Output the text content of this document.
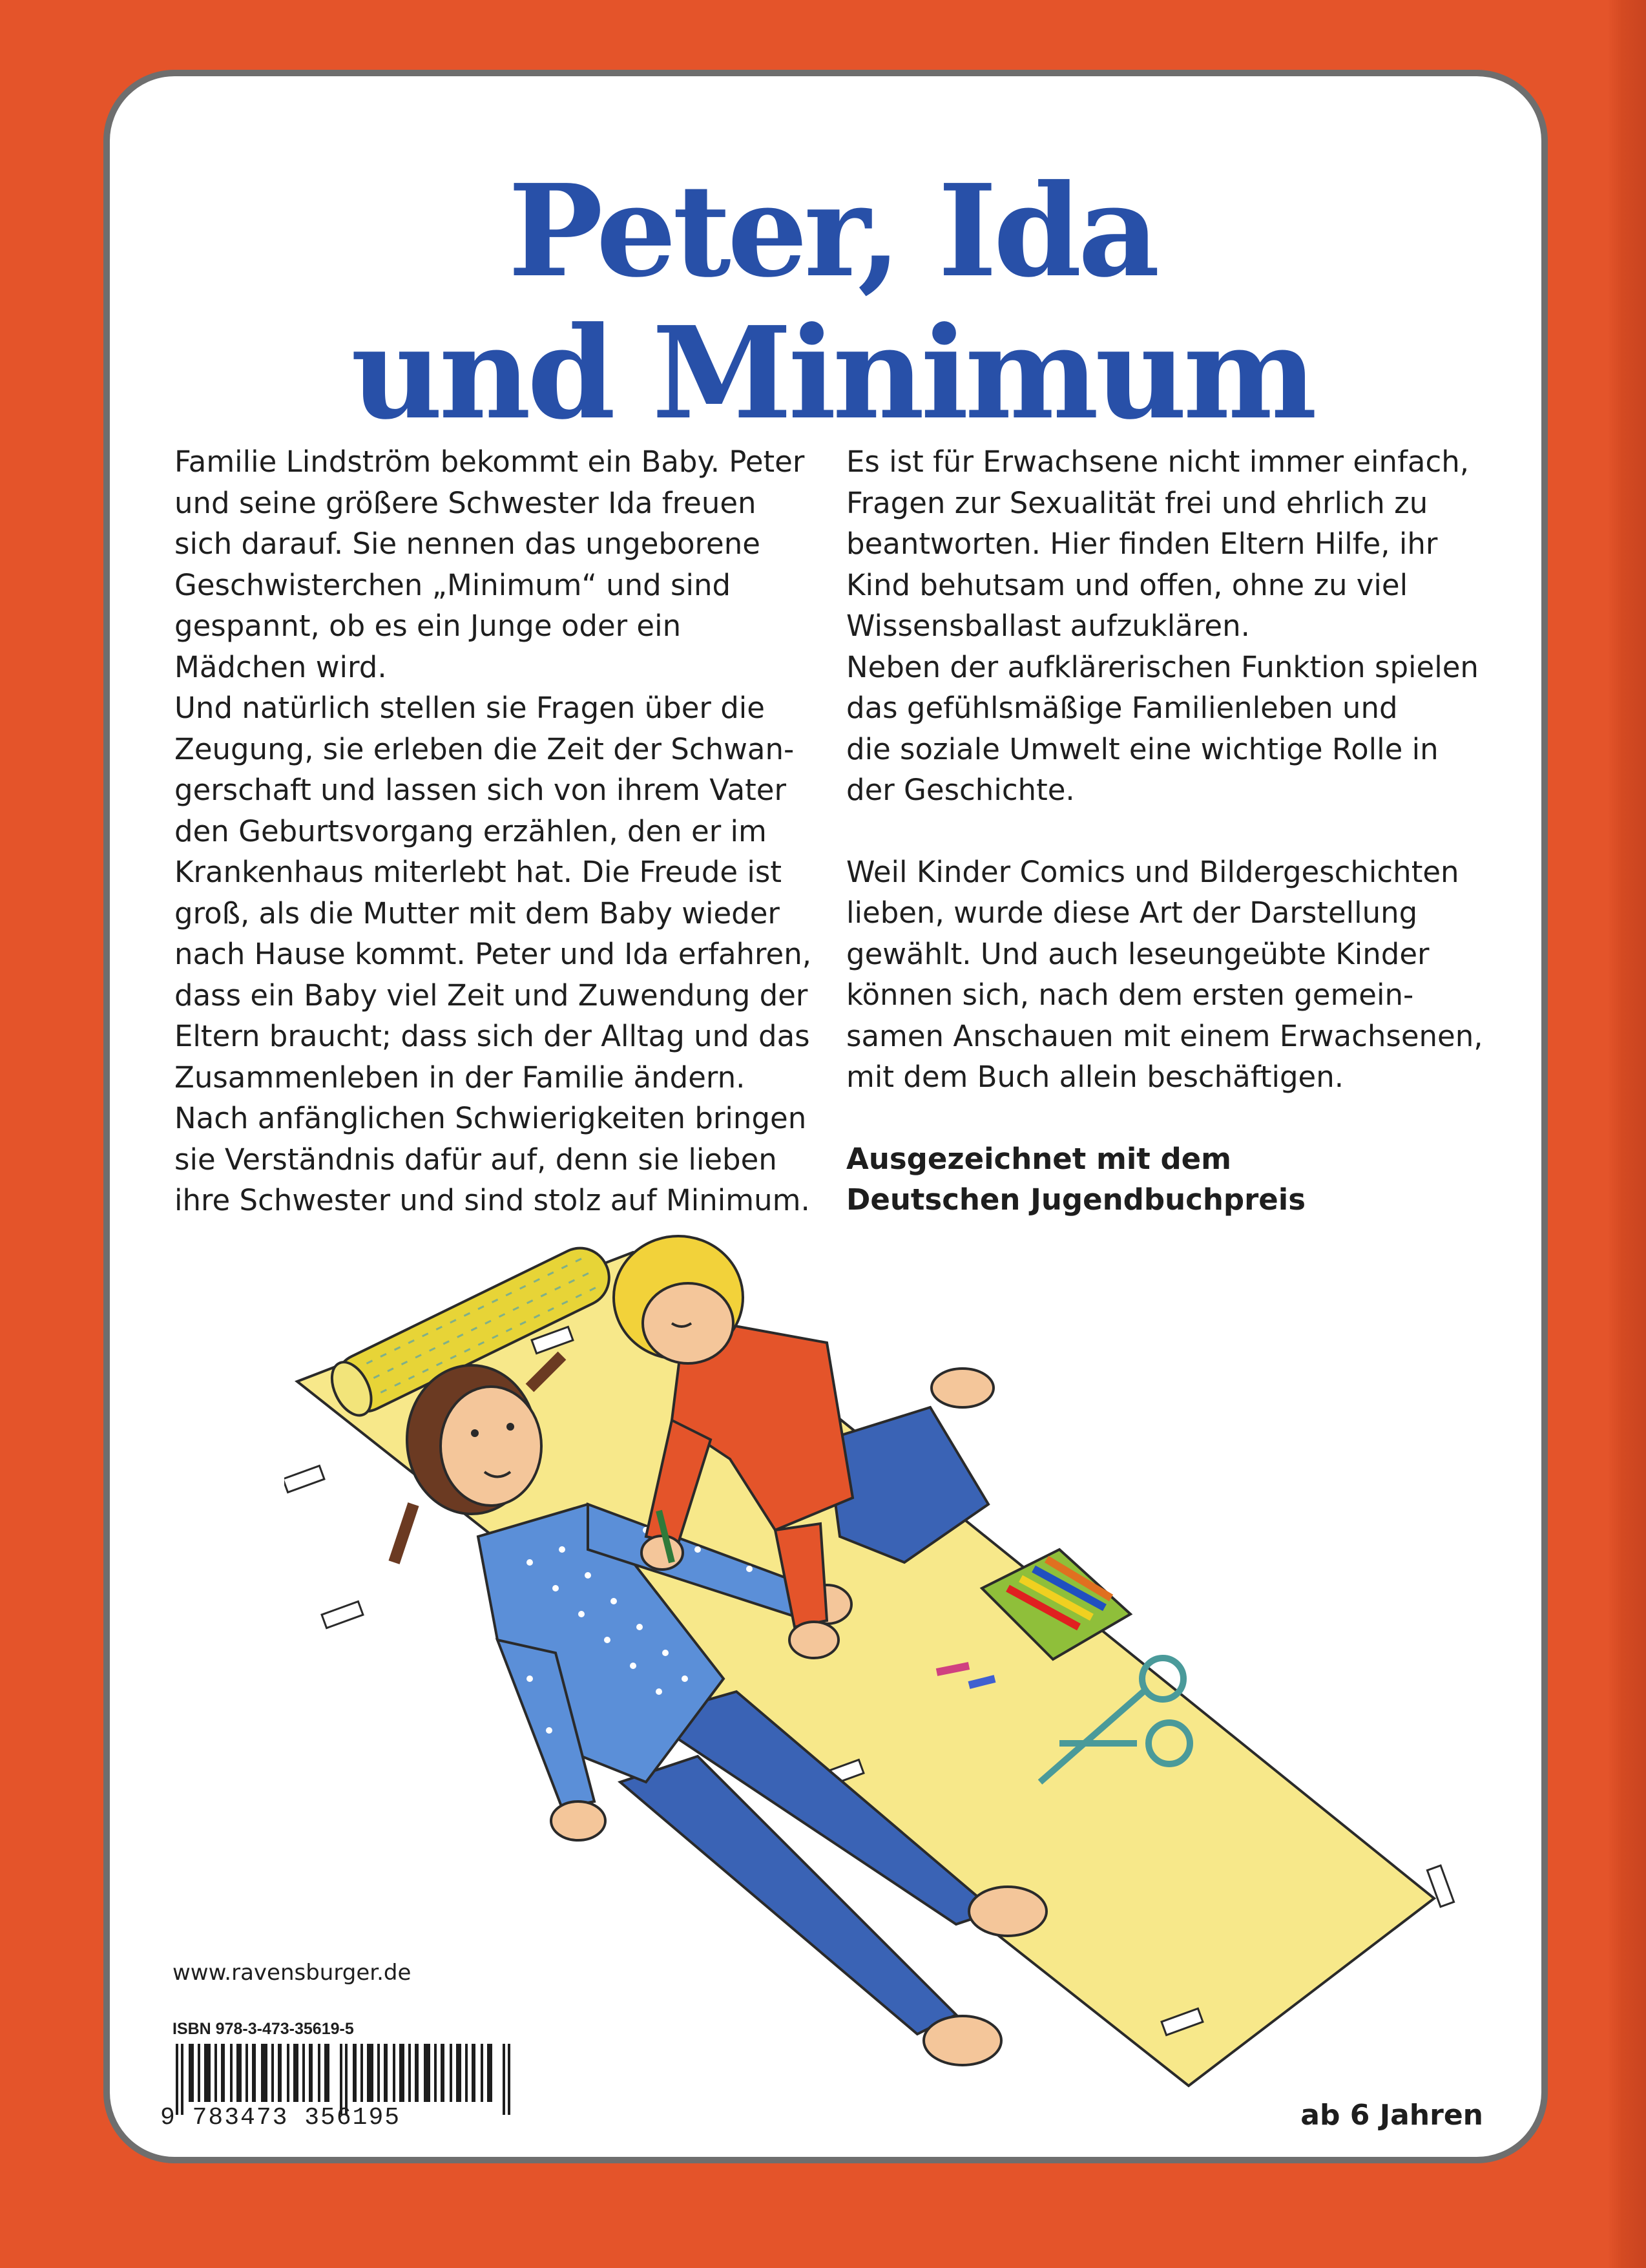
Peter, Ida
und Minimum

Familie Lindström bekommt ein Baby. Peter
und seine größere Schwester Ida freuen
sich darauf. Sie nennen das ungeborene
Geschwisterchen „Minimum“ und sind
gespannt, ob es ein Junge oder ein
Mädchen wird.

Und natürlich stellen sie Fragen über die
Zeugung, sie erleben die Zeit der Schwan-
gerschaft und lassen sich von ihrem Vater
den Geburtsvorgang erzählen, den er im
Krankenhaus miterlebt hat. Die Freude ist
groß, als die Mutter mit dem Baby wieder
nach Hause kommt. Peter und Ida erfahren,
dass ein Baby viel Zeit und Zuwendung der
Eltern braucht; dass sich der Alltag und das
Zusammenleben in der Familie ändern.
Nach anfänglichen Schwierigkeiten bringen
sie Verständnis dafür auf, denn sie lieben
ihre Schwester und sind stolz auf Minimum.

Es ist für Erwachsene nicht immer einfach,
Fragen zur Sexualität frei und ehrlich zu
beantworten. Hier finden Eltern Hilfe, ihr
Kind behutsam und offen, ohne zu viel
Wissensballast aufzuklären.

Neben der aufklärerischen Funktion spielen
das gefühlsmäßige Familienleben und
die soziale Umwelt eine wichtige Rolle in
der Geschichte.

Weil Kinder Comics und Bildergeschichten
lieben, wurde diese Art der Darstellung
gewählt. Und auch leseungeübte Kinder
können sich, nach dem ersten gemein-
samen Anschauen mit einem Erwachsenen,
mit dem Buch allein beschäftigen.

Ausgezeichnet mit dem
Deutschen Jugendbuchpreis

www.ravensburger.de
ISBN 978-3-473-35619-5
9 783473 356195	ab 6 Jahren
